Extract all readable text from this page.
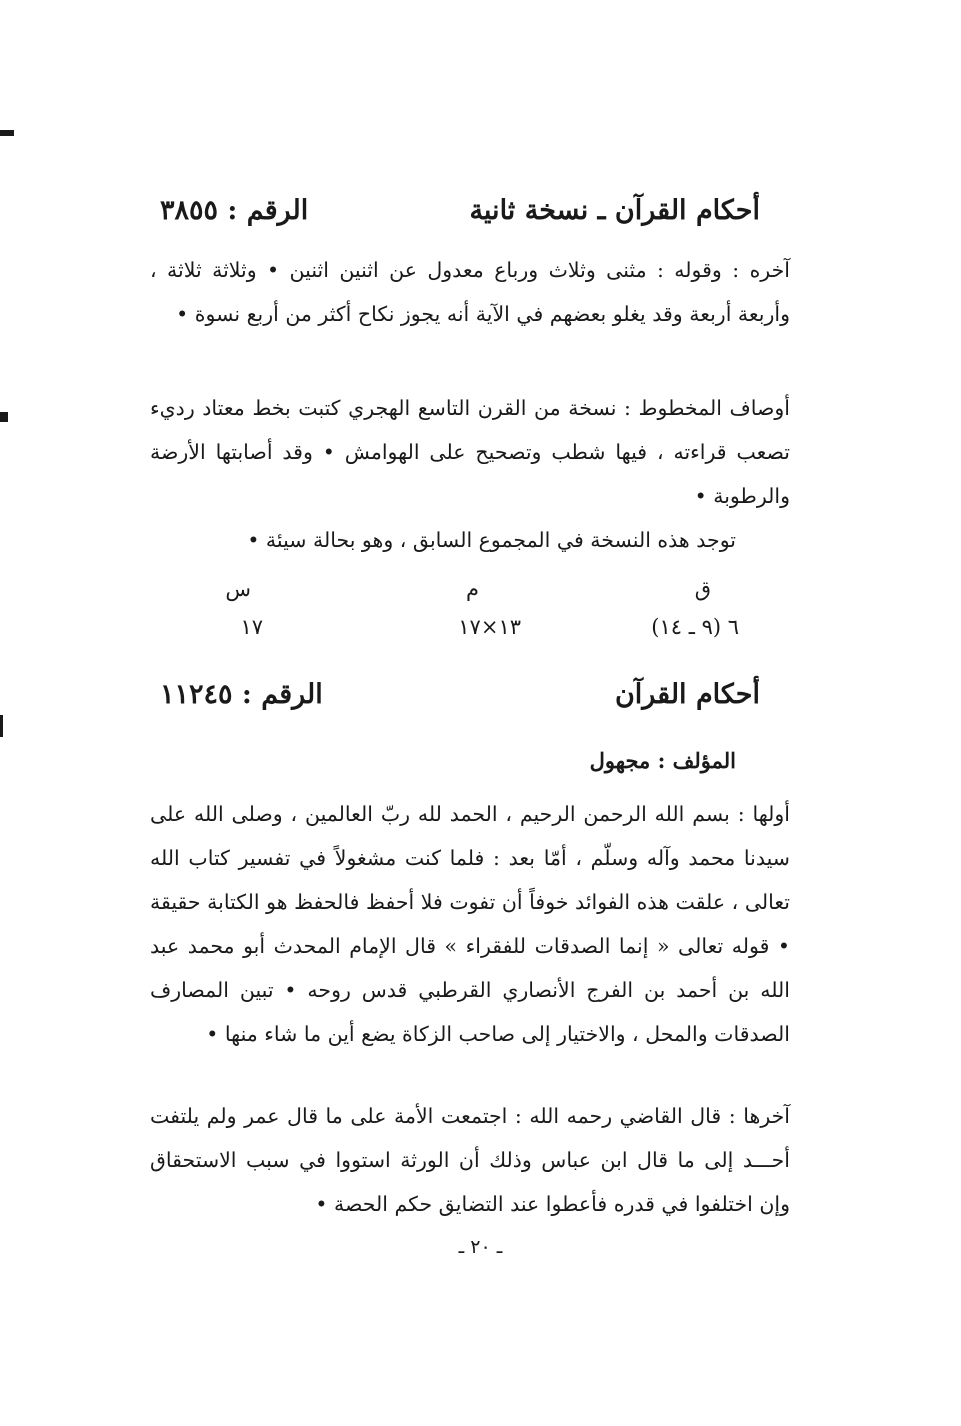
أحكام القرآن ـ نسخة ثانية
الرقم : ٣٨٥٥
آخره : وقوله : مثنى وثلاث ورباع معدول عن اثنين اثنين • وثلاثة ثلاثة ، وأربعة أربعة وقد يغلو بعضهم في الآية أنه يجوز نكاح أكثر من أربع نسوة •
أوصاف المخطوط : نسخة من القرن التاسع الهجري كتبت بخط معتاد رديء تصعب قراءته ، فيها شطب وتصحيح على الهوامش • وقد أصابتها الأرضة والرطوبة •
توجد هذه النسخة في المجموع السابق ، وهو بحالة سيئة •
ق
م
س
٦ (٩ ـ ١٤)
١٣×١٧
١٧
أحكام القرآن
الرقم : ١١٢٤٥
المؤلف : مجهول
أولها : بسم الله الرحمن الرحيم ، الحمد لله ربّ العالمين ، وصلى الله على سيدنا محمد وآله وسلّم ، أمّا بعد : فلما كنت مشغولاً في تفسير كتاب الله تعالى ، علقت هذه الفوائد خوفاً أن تفوت فلا أحفظ فالحفظ هو الكتابة حقيقة • قوله تعالى « إنما الصدقات للفقراء » قال الإمام المحدث أبو محمد عبد الله بن أحمد بن الفرج الأنصاري القرطبي قدس روحه • تبين المصارف الصدقات والمحل ، والاختيار إلى صاحب الزكاة يضع أين ما شاء منها •
آخرها : قال القاضي رحمه الله : اجتمعت الأمة على ما قال عمر ولم يلتفت أحـــد إلى ما قال ابن عباس وذلك أن الورثة استووا في سبب الاستحقاق وإن اختلفوا في قدره فأعطوا عند التضايق حكم الحصة •
ـ ٢٠ ـ
